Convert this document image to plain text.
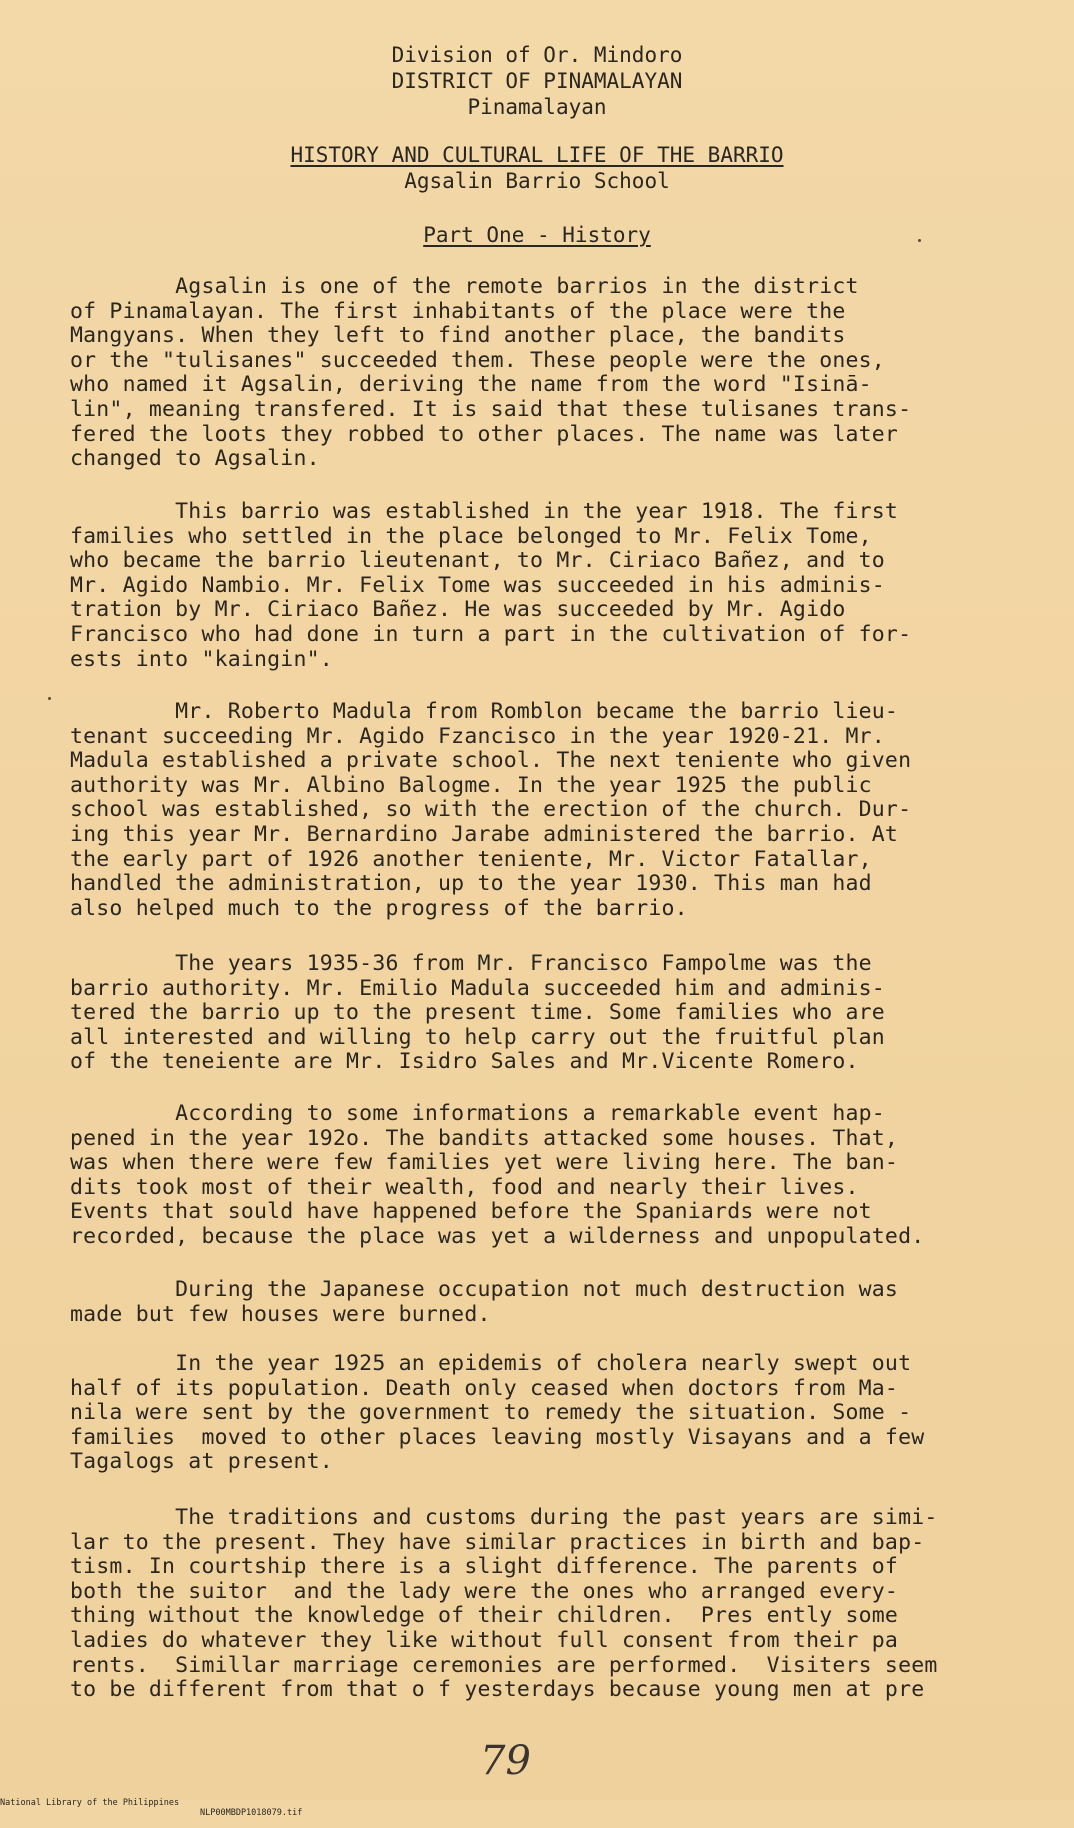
Division of Or. Mindoro
DISTRICT OF PINAMALAYAN
Pinamalayan
HISTORY AND CULTURAL LIFE OF THE BARRIO
Agsalin Barrio School
Part One - History
Agsalin is one of the remote barrios in the district
of Pinamalayan. The first inhabitants of the place were the
Mangyans. When they left to find another place, the bandits
or the "tulisanes" succeeded them. These people were the ones,
who named it Agsalin, deriving the name from the word "Isinā-
lin", meaning transfered. It is said that these tulisanes trans-
fered the loots they robbed to other places. The name was later
changed to Agsalin.
This barrio was established in the year 1918. The first
families who settled in the place belonged to Mr. Felix Tome,
who became the barrio lieutenant, to Mr. Ciriaco Bañez, and to
Mr. Agido Nambio. Mr. Felix Tome was succeeded in his adminis-
tration by Mr. Ciriaco Bañez. He was succeeded by Mr. Agido
Francisco who had done in turn a part in the cultivation of for-
ests into "kaingin".
Mr. Roberto Madula from Romblon became the barrio lieu-
tenant succeeding Mr. Agido Fzancisco in the year 1920-21. Mr.
Madula established a private school. The next teniente who given
authority was Mr. Albino Balogme. In the year 1925 the public
school was established, so with the erection of the church. Dur-
ing this year Mr. Bernardino Jarabe administered the barrio. At
the early part of 1926 another teniente, Mr. Victor Fatallar,
handled the administration, up to the year 1930. This man had
also helped much to the progress of the barrio.
The years 1935-36 from Mr. Francisco Fampolme was the
barrio authority. Mr. Emilio Madula succeeded him and adminis-
tered the barrio up to the present time. Some families who are
all interested and willing to help carry out the fruitful plan
of the teneiente are Mr. Isidro Sales and Mr.Vicente Romero.
According to some informations a remarkable event hap-
pened in the year 192o. The bandits attacked some houses. That,
was when there were few families yet were living here. The ban-
dits took most of their wealth, food and nearly their lives.
Events that sould have happened before the Spaniards were not
recorded, because the place was yet a wilderness and unpopulated.
During the Japanese occupation not much destruction was
made but few houses were burned.
In the year 1925 an epidemis of cholera nearly swept out
half of its population. Death only ceased when doctors from Ma-
nila were sent by the government to remedy the situation. Some -
families  moved to other places leaving mostly Visayans and a few
Tagalogs at present.
The traditions and customs during the past years are simi-
lar to the present. They have similar practices in birth and bap-
tism. In courtship there is a slight difference. The parents of
both the suitor  and the lady were the ones who arranged every-
thing without the knowledge of their children.  Pres ently some
ladies do whatever they like without full consent from their pa
rents.  Simillar marriage ceremonies are performed.  Visiters seem
to be different from that o f yesterdays because young men at pre
79

National Library of the Philippines

NLP00MBDP1018079.tif
